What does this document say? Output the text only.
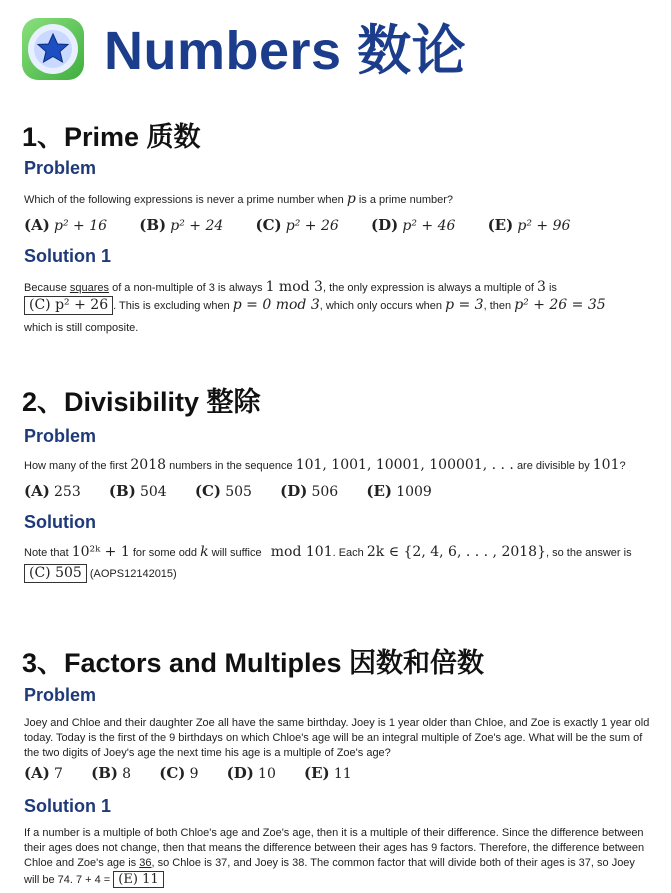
Numbers 数论
1、Prime 质数
Problem
Which of the following expressions is never a prime number when p is a prime number?
(A) p² + 16 (B) p² + 24 (C) p² + 26 (D) p² + 46 (E) p² + 96
Solution 1
Because squares of a non-multiple of 3 is always 1 mod 3, the only expression is always a multiple of 3 is
(C) p² + 26 . This is excluding when p = 0 mod 3, which only occurs when p = 3, then p² + 26 = 35
which is still composite.
2、Divisibility 整除
Problem
How many of the first 2018 numbers in the sequence 101, 1001, 10001, 100001, . . . are divisible by 101?
(A) 253 (B) 504 (C) 505 (D) 506 (E) 1009
Solution
Note that 10²ᵏ + 1 for some odd k will suffice mod 101. Each 2k ∈ {2, 4, 6, . . . , 2018}, so the answer is
(C) 505 (AOPS12142015)
3、Factors and Multiples 因数和倍数
Problem
Joey and Chloe and their daughter Zoe all have the same birthday. Joey is 1 year older than Chloe, and Zoe is exactly 1 year old today. Today is the first of the 9 birthdays on which Chloe's age will be an integral multiple of Zoe's age. What will be the sum of the two digits of Joey's age the next time his age is a multiple of Zoe's age?
(A) 7 (B) 8 (C) 9 (D) 10 (E) 11
Solution 1
If a number is a multiple of both Chloe's age and Zoe's age, then it is a multiple of their difference. Since the difference between their ages does not change, then that means the difference between their ages has 9 factors. Therefore, the difference between Chloe and Zoe's age is 36, so Chloe is 37, and Joey is 38. The common factor that will divide both of their ages is 37, so Joey will be 74. 7 + 4 = (E) 11
